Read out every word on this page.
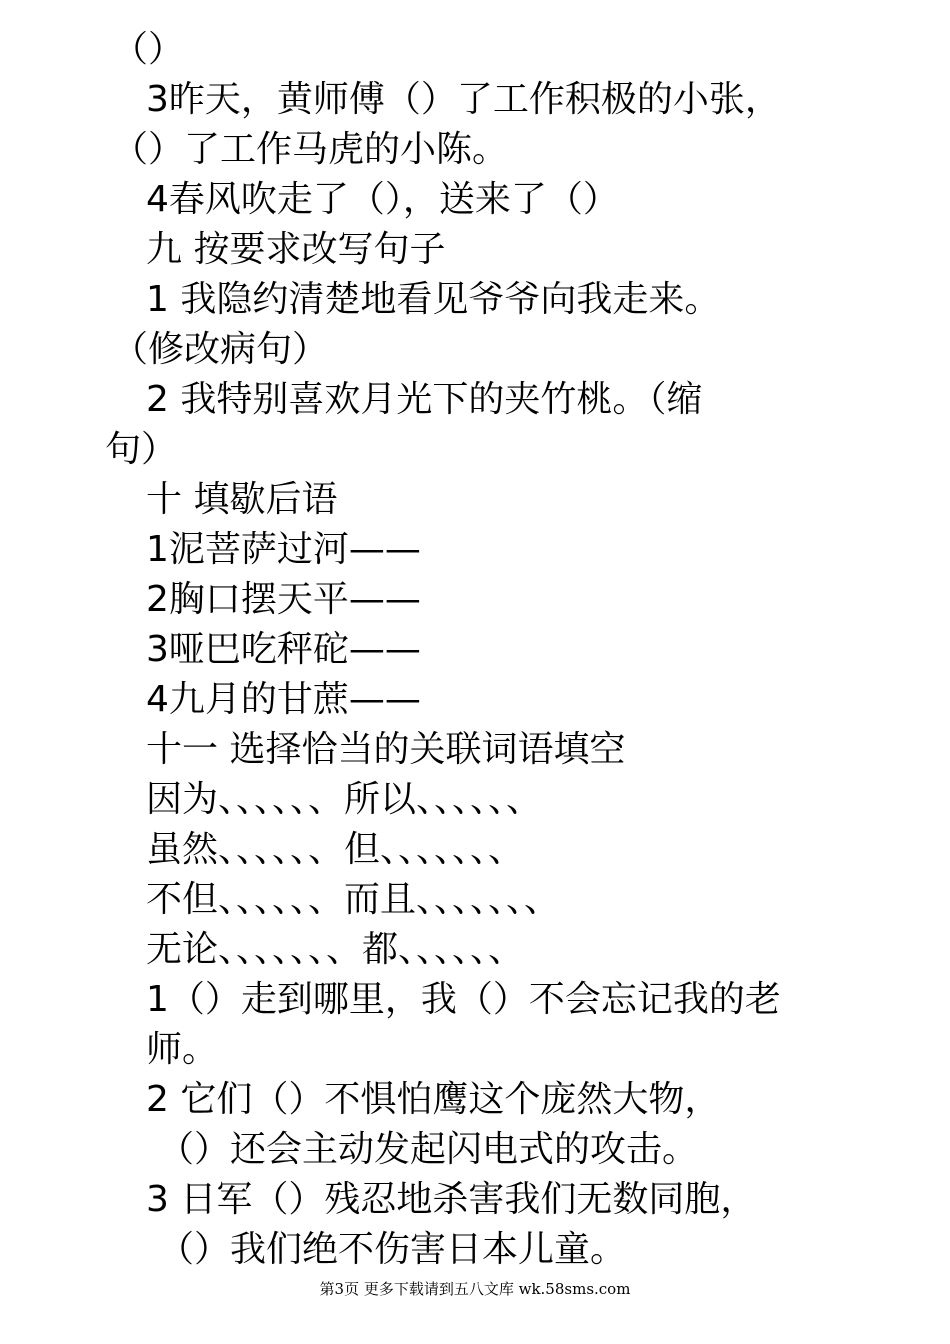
（）
3昨天，黄师傅（）了工作积极的小张，
（）了工作马虎的小陈。
4春风吹走了（），送来了（）
九 按要求改写句子
1 我隐约清楚地看见爷爷向我走来。
（修改病句）
2 我特别喜欢月光下的夹竹桃。（缩
句）
十 填歇后语
1泥菩萨过河——
2胸口摆天平——
3哑巴吃秤砣——
4九月的甘蔗——
十一 选择恰当的关联词语填空
因为、、、、、、所以、、、、、、
虽然、、、、、、但、、、、、、、
不但、、、、、、而且、、、、、、、
无论、、、、、、、都、、、、、、
1（）走到哪里，我（）不会忘记我的老
师。
2 它们（）不惧怕鹰这个庞然大物，
（）还会主动发起闪电式的攻击。
3 日军（）残忍地杀害我们无数同胞，
（）我们绝不伤害日本儿童。
第3页 更多下载请到五八文库 wk.58sms.com
